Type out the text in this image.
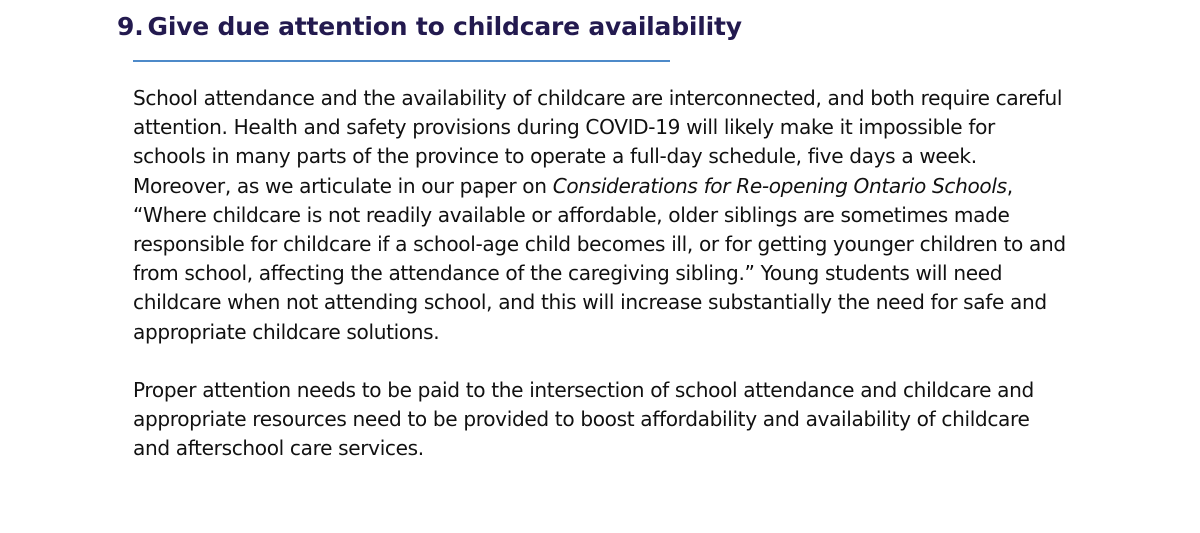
9. Give due attention to childcare availability

School attendance and the availability of childcare are interconnected, and both require careful
attention. Health and safety provisions during COVID-19 will likely make it impossible for
schools in many parts of the province to operate a full-day schedule, five days a week.
Moreover, as we articulate in our paper on Considerations for Re-opening Ontario Schools,
“Where childcare is not readily available or affordable, older siblings are sometimes made
responsible for childcare if a school-age child becomes ill, or for getting younger children to and
from school, affecting the attendance of the caregiving sibling.” Young students will need
childcare when not attending school, and this will increase substantially the need for safe and
appropriate childcare solutions.

Proper attention needs to be paid to the intersection of school attendance and childcare and
appropriate resources need to be provided to boost affordability and availability of childcare
and afterschool care services.
